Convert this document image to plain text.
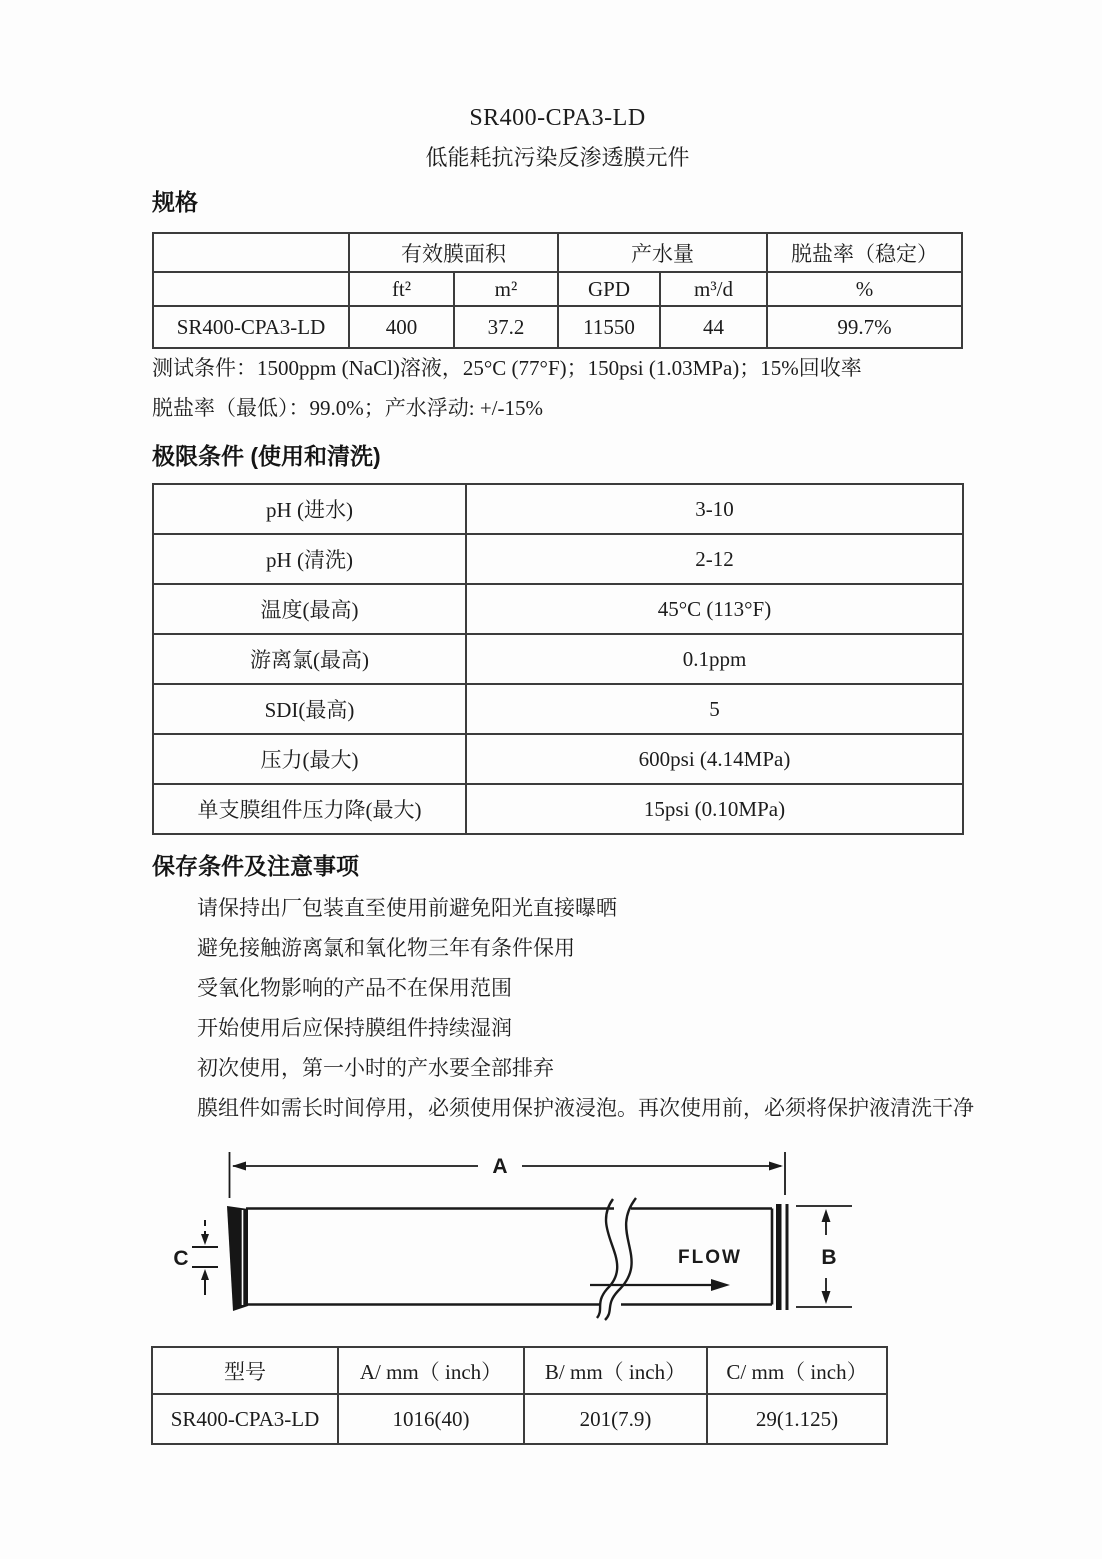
SR400-CPA3-LD
低能耗抗污染反渗透膜元件
规格
	有效膜面积		产水量		脱盐率（稳定）
	ft²	m²	GPD	m³/d	%
SR400-CPA3-LD	400	37.2	11550	44	99.7%
测试条件：1500ppm (NaCl)溶液，25°C (77°F)；150psi (1.03MPa)；15%回收率
脱盐率（最低）：99.0%；产水浮动: +/-15%
极限条件 (使用和清洗)
pH (进水)	3-10
pH (清洗)	2-12
温度(最高)	45°C (113°F)
游离氯(最高)	0.1ppm
SDI(最高)	5
压力(最大)	600psi (4.14MPa)
单支膜组件压力降(最大)	15psi (0.10MPa)
保存条件及注意事项
请保持出厂包装直至使用前避免阳光直接曝晒
避免接触游离氯和氧化物三年有条件保用
受氧化物影响的产品不在保用范围
开始使用后应保持膜组件持续湿润
初次使用，第一小时的产水要全部排弃
膜组件如需长时间停用，必须使用保护液浸泡。再次使用前，必须将保护液清洗干净
A
FLOW	B
C
型号	A/ mm（ inch）	B/ mm（ inch）	C/ mm（ inch）
SR400-CPA3-LD	1016(40)	201(7.9)	29(1.125)
